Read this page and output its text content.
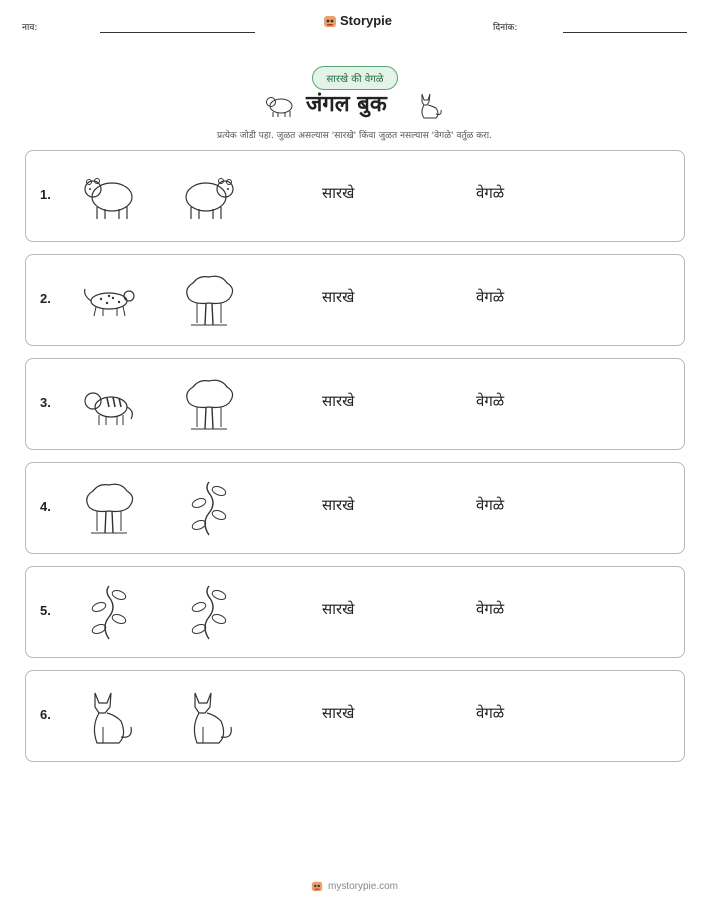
नाव:	Storypie	दिनांक:
सारखे की वेगळे
जंगल बुक
प्रत्येक जोडी पहा. जुळत असल्यास 'सारखे' किंवा जुळत नसल्यास 'वेगळे' वर्तुळ करा.
1.	सारखे	वेगळे
2.	सारखे	वेगळे
3.	सारखे	वेगळे
4.	सारखे	वेगळे
5.	सारखे	वेगळे
6.	सारखे	वेगळे
mystorypie.com
